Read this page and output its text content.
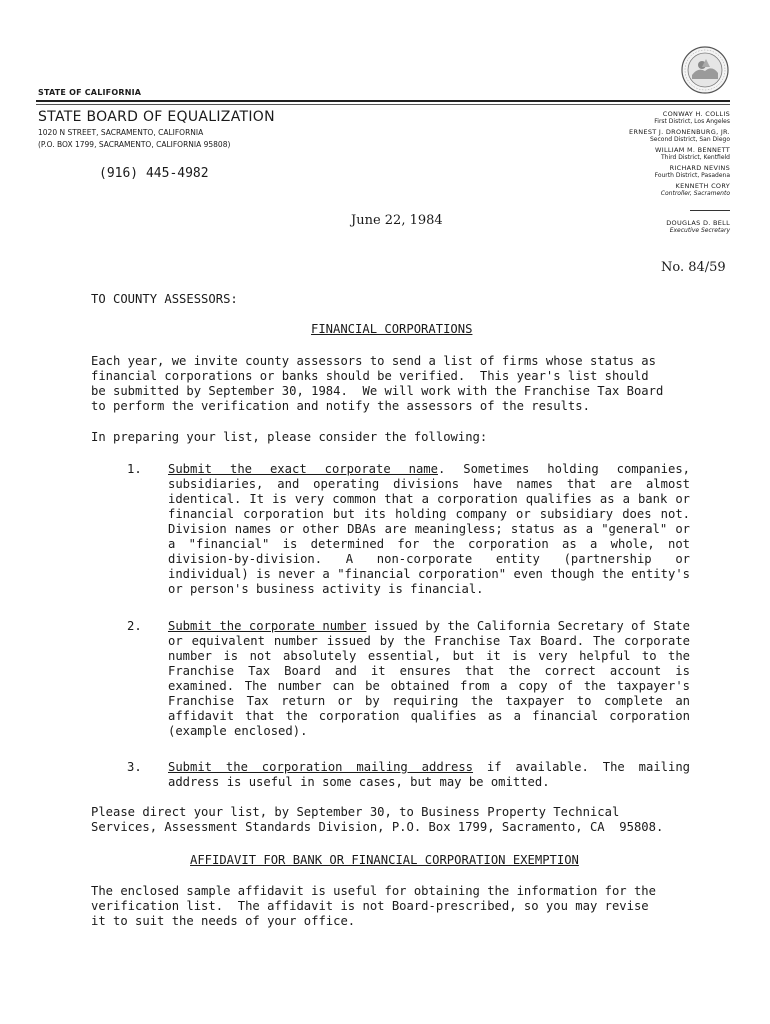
STATE OF CALIFORNIA
STATE BOARD OF EQUALIZATION
1020 N STREET, SACRAMENTO, CALIFORNIA
(P.O. BOX 1799, SACRAMENTO, CALIFORNIA 95808)
(916) 445-4982
CONWAY H. COLLIS
First District, Los Angeles
ERNEST J. DRONENBURG, JR.
Second District, San Diego
WILLIAM M. BENNETT
Third District, Kentfield
RICHARD NEVINS
Fourth District, Pasadena
KENNETH CORY
Controller, Sacramento
DOUGLAS D. BELL
Executive Secretary
June 22, 1984
No. 84/59
TO COUNTY ASSESSORS:
FINANCIAL CORPORATIONS
Each year, we invite county assessors to send a list of firms whose status as
financial corporations or banks should be verified.  This year's list should
be submitted by September 30, 1984.  We will work with the Franchise Tax Board
to perform the verification and notify the assessors of the results.
In preparing your list, please consider the following:
1. Submit the exact corporate name. Sometimes holding companies, subsidiaries, and operating divisions have names that are almost identical. It is very common that a corporation qualifies as a bank or financial corporation but its holding company or subsidiary does not. Division names or other DBAs are meaningless; status as a "general" or a "financial" is determined for the corporation as a whole, not division-by-division. A non-corporate entity (partnership or individual) is never a "financial corporation" even though the entity's or person's business activity is financial.
2. Submit the corporate number issued by the California Secretary of State or equivalent number issued by the Franchise Tax Board. The corporate number is not absolutely essential, but it is very helpful to the Franchise Tax Board and it ensures that the correct account is examined. The number can be obtained from a copy of the taxpayer's Franchise Tax return or by requiring the taxpayer to complete an affidavit that the corporation qualifies as a financial corporation (example enclosed).
3. Submit the corporation mailing address if available. The mailing address is useful in some cases, but may be omitted.
Please direct your list, by September 30, to Business Property Technical
Services, Assessment Standards Division, P.O. Box 1799, Sacramento, CA  95808.
AFFIDAVIT FOR BANK OR FINANCIAL CORPORATION EXEMPTION
The enclosed sample affidavit is useful for obtaining the information for the
verification list.  The affidavit is not Board-prescribed, so you may revise
it to suit the needs of your office.
